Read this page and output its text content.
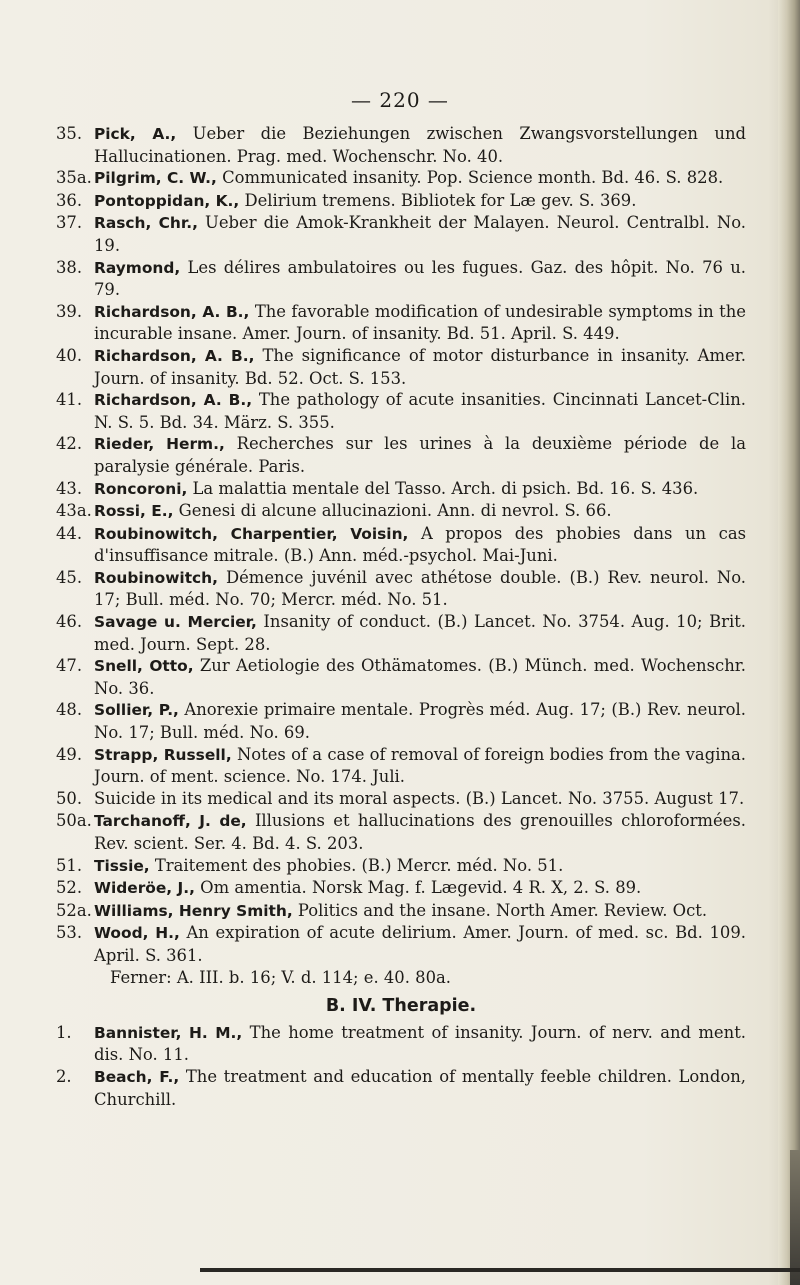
— 220 —
35. Pick, A., Ueber die Beziehungen zwischen Zwangsvorstellungen und Hallucinationen. Prag. med. Wochenschr. No. 40.
35a. Pilgrim, C. W., Communicated insanity. Pop. Science month. Bd. 46. S. 828.
36. Pontoppidan, K., Delirium tremens. Bibliotek for Læ gev. S. 369.
37. Rasch, Chr., Ueber die Amok-Krankheit der Malayen. Neurol. Centralbl. No. 19.
38. Raymond, Les délires ambulatoires ou les fugues. Gaz. des hôpit. No. 76 u. 79.
39. Richardson, A. B., The favorable modification of undesirable symptoms in the incurable insane. Amer. Journ. of insanity. Bd. 51. April. S. 449.
40. Richardson, A. B., The significance of motor disturbance in insanity. Amer. Journ. of insanity. Bd. 52. Oct. S. 153.
41. Richardson, A. B., The pathology of acute insanities. Cincinnati Lancet-Clin. N. S. 5. Bd. 34. März. S. 355.
42. Rieder, Herm., Recherches sur les urines à la deuxième période de la paralysie générale. Paris.
43. Roncoroni, La malattia mentale del Tasso. Arch. di psich. Bd. 16. S. 436.
43a. Rossi, E., Genesi di alcune allucinazioni. Ann. di nevrol. S. 66.
44. Roubinowitch, Charpentier, Voisin, A propos des phobies dans un cas d'insuffisance mitrale. (B.) Ann. méd.-psychol. Mai-Juni.
45. Roubinowitch, Démence juvénil avec athétose double. (B.) Rev. neurol. No. 17; Bull. méd. No. 70; Mercr. méd. No. 51.
46. Savage u. Mercier, Insanity of conduct. (B.) Lancet. No. 3754. Aug. 10; Brit. med. Journ. Sept. 28.
47. Snell, Otto, Zur Aetiologie des Othämatomes. (B.) Münch. med. Wochenschr. No. 36.
48. Sollier, P., Anorexie primaire mentale. Progrès méd. Aug. 17; (B.) Rev. neurol. No. 17; Bull. méd. No. 69.
49. Strapp, Russell, Notes of a case of removal of foreign bodies from the vagina. Journ. of ment. science. No. 174. Juli.
50. Suicide in its medical and its moral aspects. (B.) Lancet. No. 3755. August 17.
50a. Tarchanoff, J. de, Illusions et hallucinations des grenouilles chloroformées. Rev. scient. Ser. 4. Bd. 4. S. 203.
51. Tissie, Traitement des phobies. (B.) Mercr. méd. No. 51.
52. Wideröe, J., Om amentia. Norsk Mag. f. Lægevid. 4 R. X, 2. S. 89.
52a. Williams, Henry Smith, Politics and the insane. North Amer. Review. Oct.
53. Wood, H., An expiration of acute delirium. Amer. Journ. of med. sc. Bd. 109. April. S. 361.
Ferner: A. III. b. 16; V. d. 114; e. 40. 80a.
B. IV. Therapie.
1.	Bannister, H. M., The home treatment of insanity. Journ. of nerv. and ment. dis. No. 11.
2.	Beach, F., The treatment and education of mentally feeble children. London, Churchill.
